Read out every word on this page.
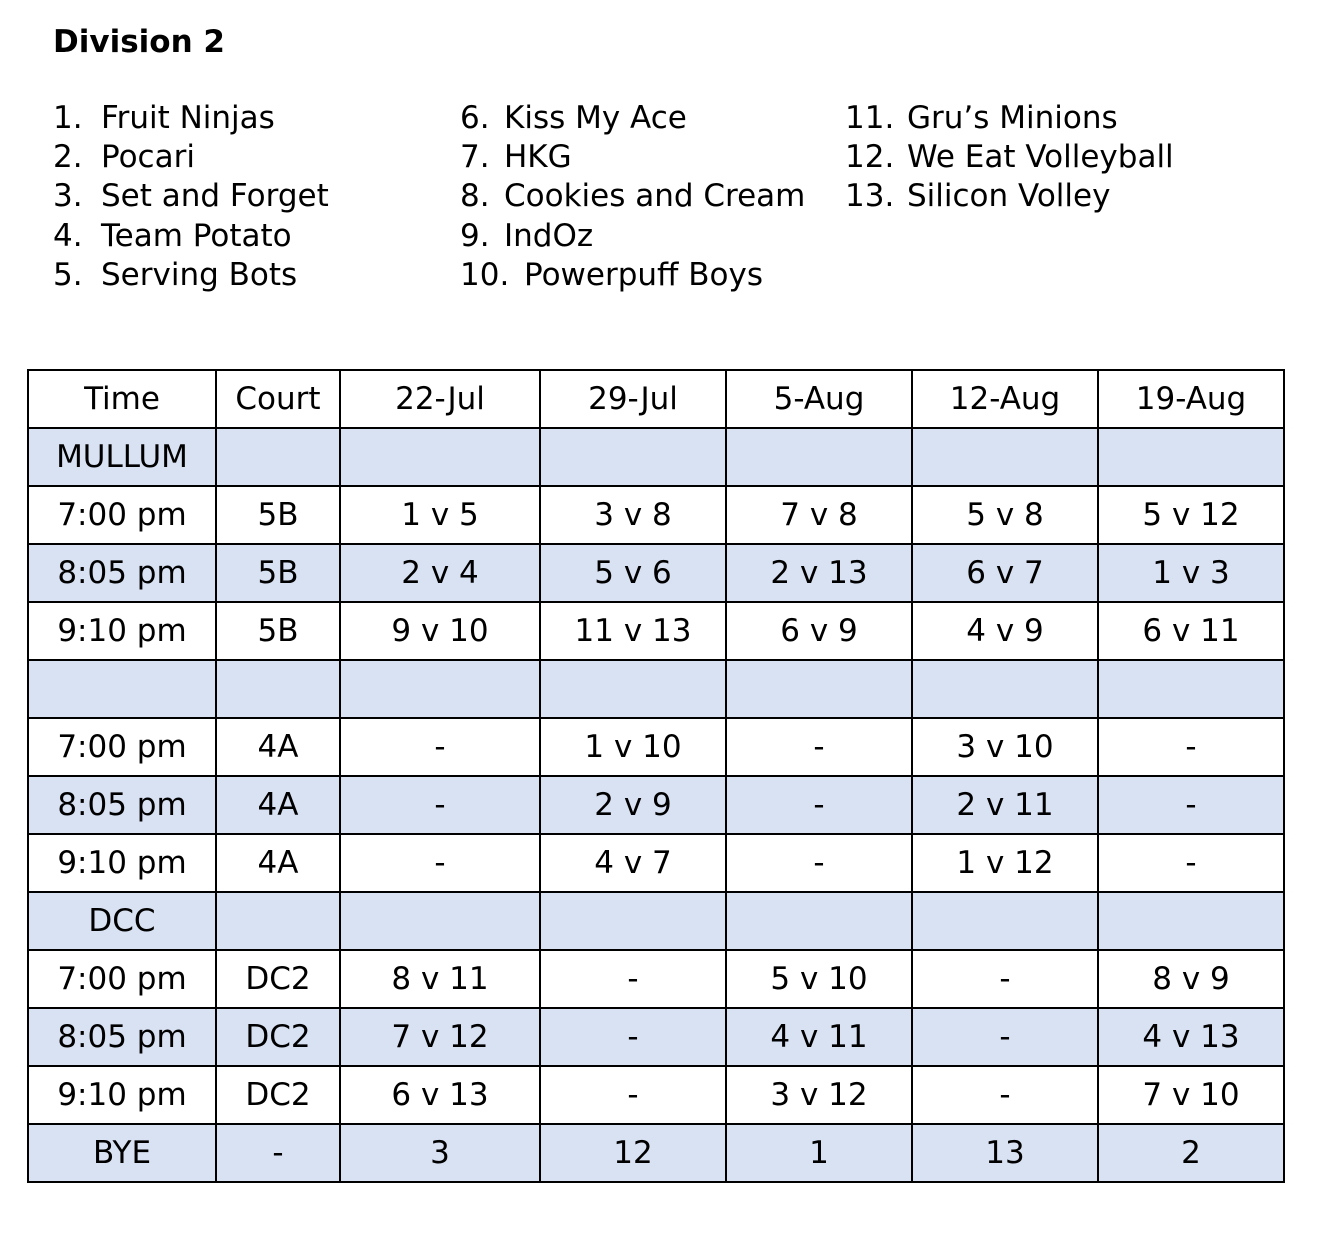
Division 2
1. Fruit Ninjas
2. Pocari
3. Set and Forget
4. Team Potato
5. Serving Bots
6. Kiss My Ace
7. HKG
8. Cookies and Cream
9. IndOz
10. Powerpuff Boys
11. Gru’s Minions
12. We Eat Volleyball
13. Silicon Volley
Time	Court	22-Jul	29-Jul	5-Aug	12-Aug	19-Aug
MULLUM						
7:00 pm	5B	1 v 5	3 v 8	7 v 8	5 v 8	5 v 12
8:05 pm	5B	2 v 4	5 v 6	2 v 13	6 v 7	1 v 3
9:10 pm	5B	9 v 10	11 v 13	6 v 9	4 v 9	6 v 11

7:00 pm	4A	-	1 v 10	-	3 v 10	-
8:05 pm	4A	-	2 v 9	-	2 v 11	-
9:10 pm	4A	-	4 v 7	-	1 v 12	-
DCC						
7:00 pm	DC2	8 v 11	-	5 v 10	-	8 v 9
8:05 pm	DC2	7 v 12	-	4 v 11	-	4 v 13
9:10 pm	DC2	6 v 13	-	3 v 12	-	7 v 10
BYE	-	3	12	1	13	2
